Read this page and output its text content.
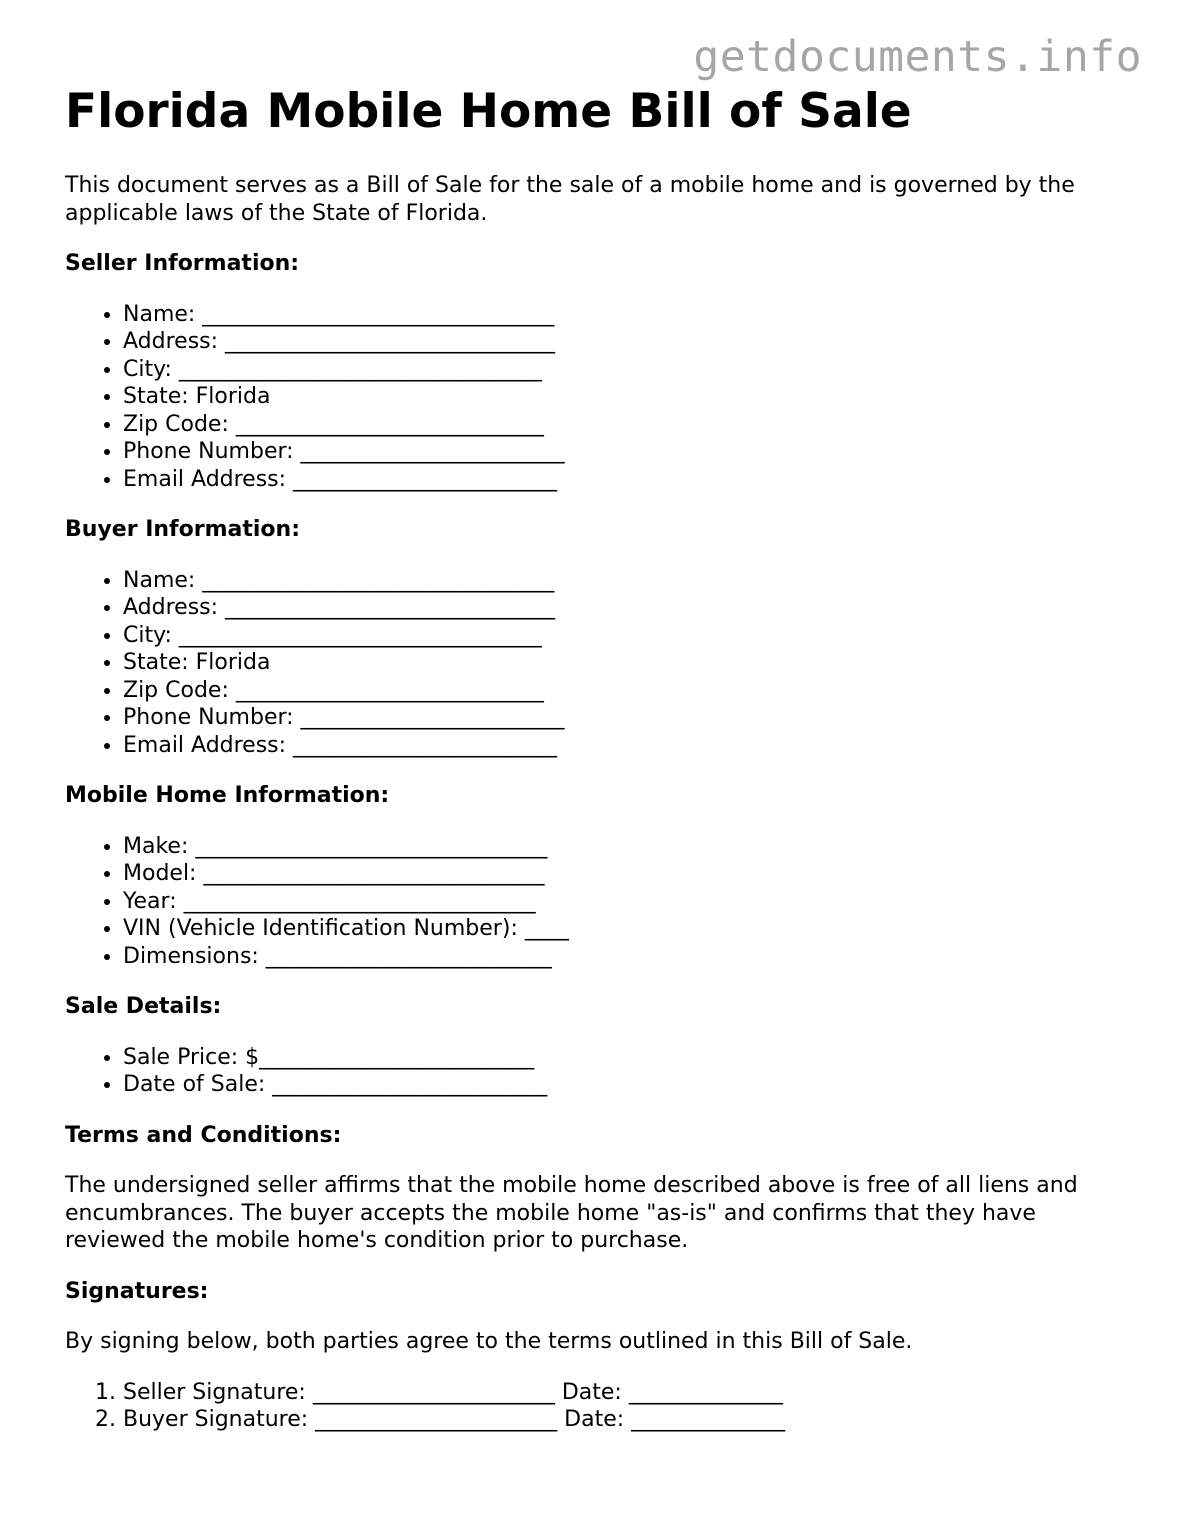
getdocuments.info
Florida Mobile Home Bill of Sale

This document serves as a Bill of Sale for the sale of a mobile home and is governed by the applicable laws of the State of Florida.

Seller Information:
• Name: ________________________________
• Address: ______________________________
• City: _________________________________
• State: Florida
• Zip Code: ____________________________
• Phone Number: ________________________
• Email Address: ________________________
Buyer Information:
• Name: ________________________________
• Address: ______________________________
• City: _________________________________
• State: Florida
• Zip Code: ____________________________
• Phone Number: ________________________
• Email Address: ________________________
Mobile Home Information:
• Make: ________________________________
• Model: _______________________________
• Year: ________________________________
• VIN (Vehicle Identification Number): ____
• Dimensions: __________________________
Sale Details:
• Sale Price: $_________________________
• Date of Sale: _________________________
Terms and Conditions:

The undersigned seller affirms that the mobile home described above is free of all liens and encumbrances. The buyer accepts the mobile home "as-is" and confirms that they have reviewed the mobile home's condition prior to purchase.

Signatures:

By signing below, both parties agree to the terms outlined in this Bill of Sale.

1. Seller Signature: ______________________ Date: ______________
2. Buyer Signature: ______________________ Date: ______________
